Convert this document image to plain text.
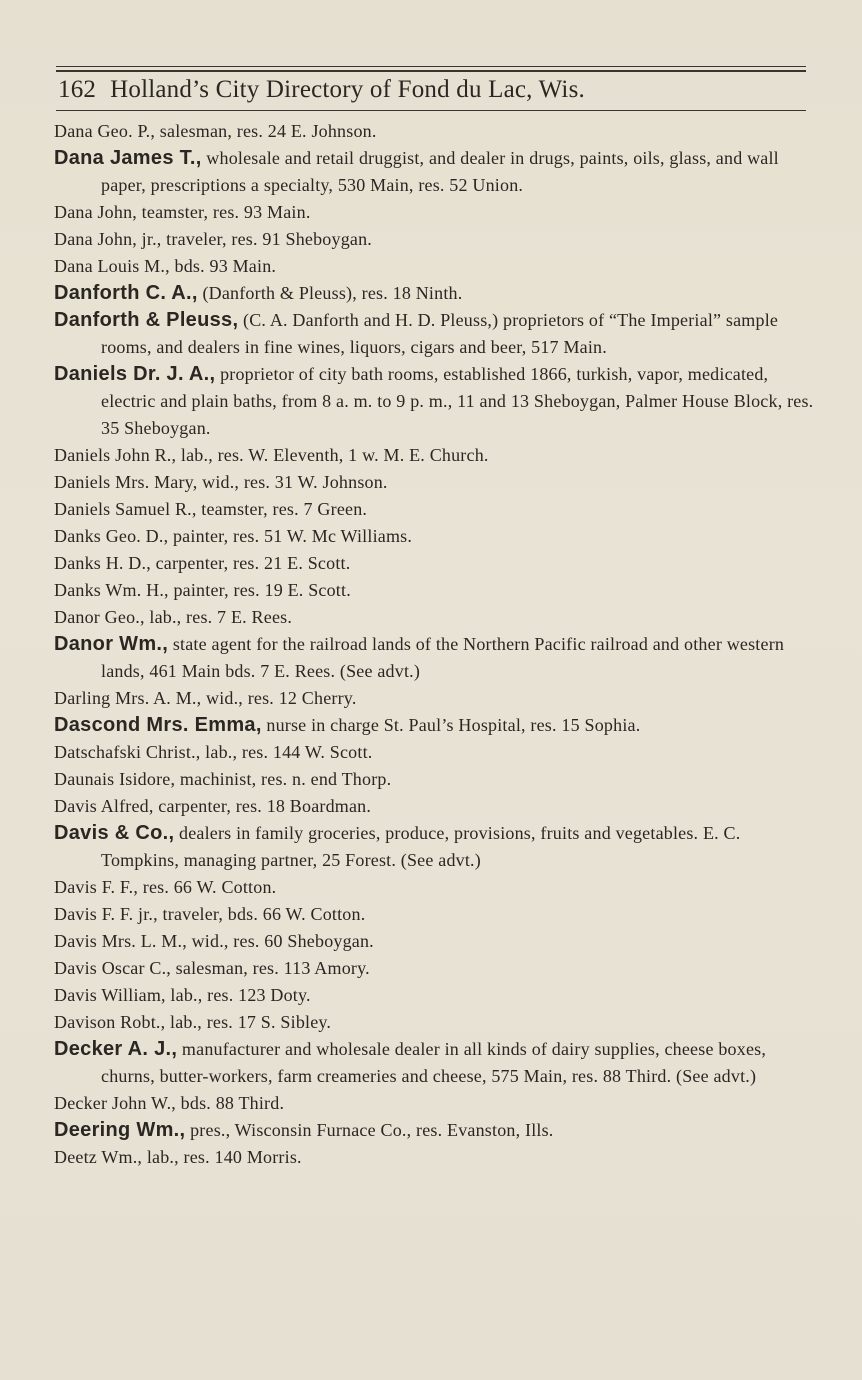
162 Holland’s City Directory of Fond du Lac, Wis.
Dana Geo. P., salesman, res. 24 E. Johnson.
Dana James T., wholesale and retail druggist, and dealer in drugs, paints, oils, glass, and wall paper, prescriptions a specialty, 530 Main, res. 52 Union.
Dana John, teamster, res. 93 Main.
Dana John, jr., traveler, res. 91 Sheboygan.
Dana Louis M., bds. 93 Main.
Danforth C. A., (Danforth & Pleuss), res. 18 Ninth.
Danforth & Pleuss, (C. A. Danforth and H. D. Pleuss,) proprietors of “The Imperial” sample rooms, and dealers in fine wines, liquors, cigars and beer, 517 Main.
Daniels Dr. J. A., proprietor of city bath rooms, established 1866, turkish, vapor, medicated, electric and plain baths, from 8 a. m. to 9 p. m., 11 and 13 Sheboygan, Palmer House Block, res. 35 Sheboygan.
Daniels John R., lab., res. W. Eleventh, 1 w. M. E. Church.
Daniels Mrs. Mary, wid., res. 31 W. Johnson.
Daniels Samuel R., teamster, res. 7 Green.
Danks Geo. D., painter, res. 51 W. Mc Williams.
Danks H. D., carpenter, res. 21 E. Scott.
Danks Wm. H., painter, res. 19 E. Scott.
Danor Geo., lab., res. 7 E. Rees.
Danor Wm., state agent for the railroad lands of the Northern Pacific railroad and other western lands, 461 Main bds. 7 E. Rees. (See advt.)
Darling Mrs. A. M., wid., res. 12 Cherry.
Dascond Mrs. Emma, nurse in charge St. Paul’s Hospital, res. 15 Sophia.
Datschafski Christ., lab., res. 144 W. Scott.
Daunais Isidore, machinist, res. n. end Thorp.
Davis Alfred, carpenter, res. 18 Boardman.
Davis & Co., dealers in family groceries, produce, provisions, fruits and vegetables. E. C. Tompkins, managing partner, 25 Forest. (See advt.)
Davis F. F., res. 66 W. Cotton.
Davis F. F. jr., traveler, bds. 66 W. Cotton.
Davis Mrs. L. M., wid., res. 60 Sheboygan.
Davis Oscar C., salesman, res. 113 Amory.
Davis William, lab., res. 123 Doty.
Davison Robt., lab., res. 17 S. Sibley.
Decker A. J., manufacturer and wholesale dealer in all kinds of dairy supplies, cheese boxes, churns, butter-workers, farm creameries and cheese, 575 Main, res. 88 Third. (See advt.)
Decker John W., bds. 88 Third.
Deering Wm., pres., Wisconsin Furnace Co., res. Evanston, Ills.
Deetz Wm., lab., res. 140 Morris.
